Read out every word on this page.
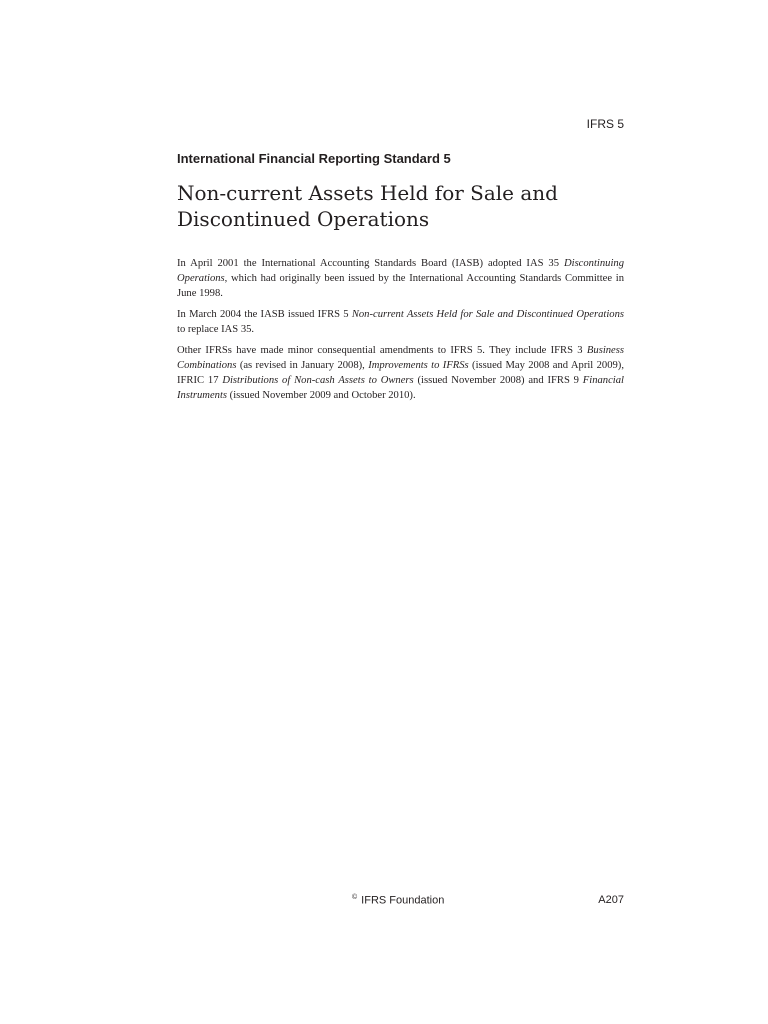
IFRS 5
International Financial Reporting Standard 5
Non-current Assets Held for Sale and
Discontinued Operations

In April 2001 the International Accounting Standards Board (IASB) adopted IAS 35 Discontinuing Operations, which had originally been issued by the International Accounting Standards Committee in June 1998.

In March 2004 the IASB issued IFRS 5 Non-current Assets Held for Sale and Discontinued Operations to replace IAS 35.

Other IFRSs have made minor consequential amendments to IFRS 5. They include IFRS 3 Business Combinations (as revised in January 2008), Improvements to IFRSs (issued May 2008 and April 2009), IFRIC 17 Distributions of Non-cash Assets to Owners (issued November 2008) and IFRS 9 Financial Instruments (issued November 2009 and October 2010).

© IFRS Foundation	A207
